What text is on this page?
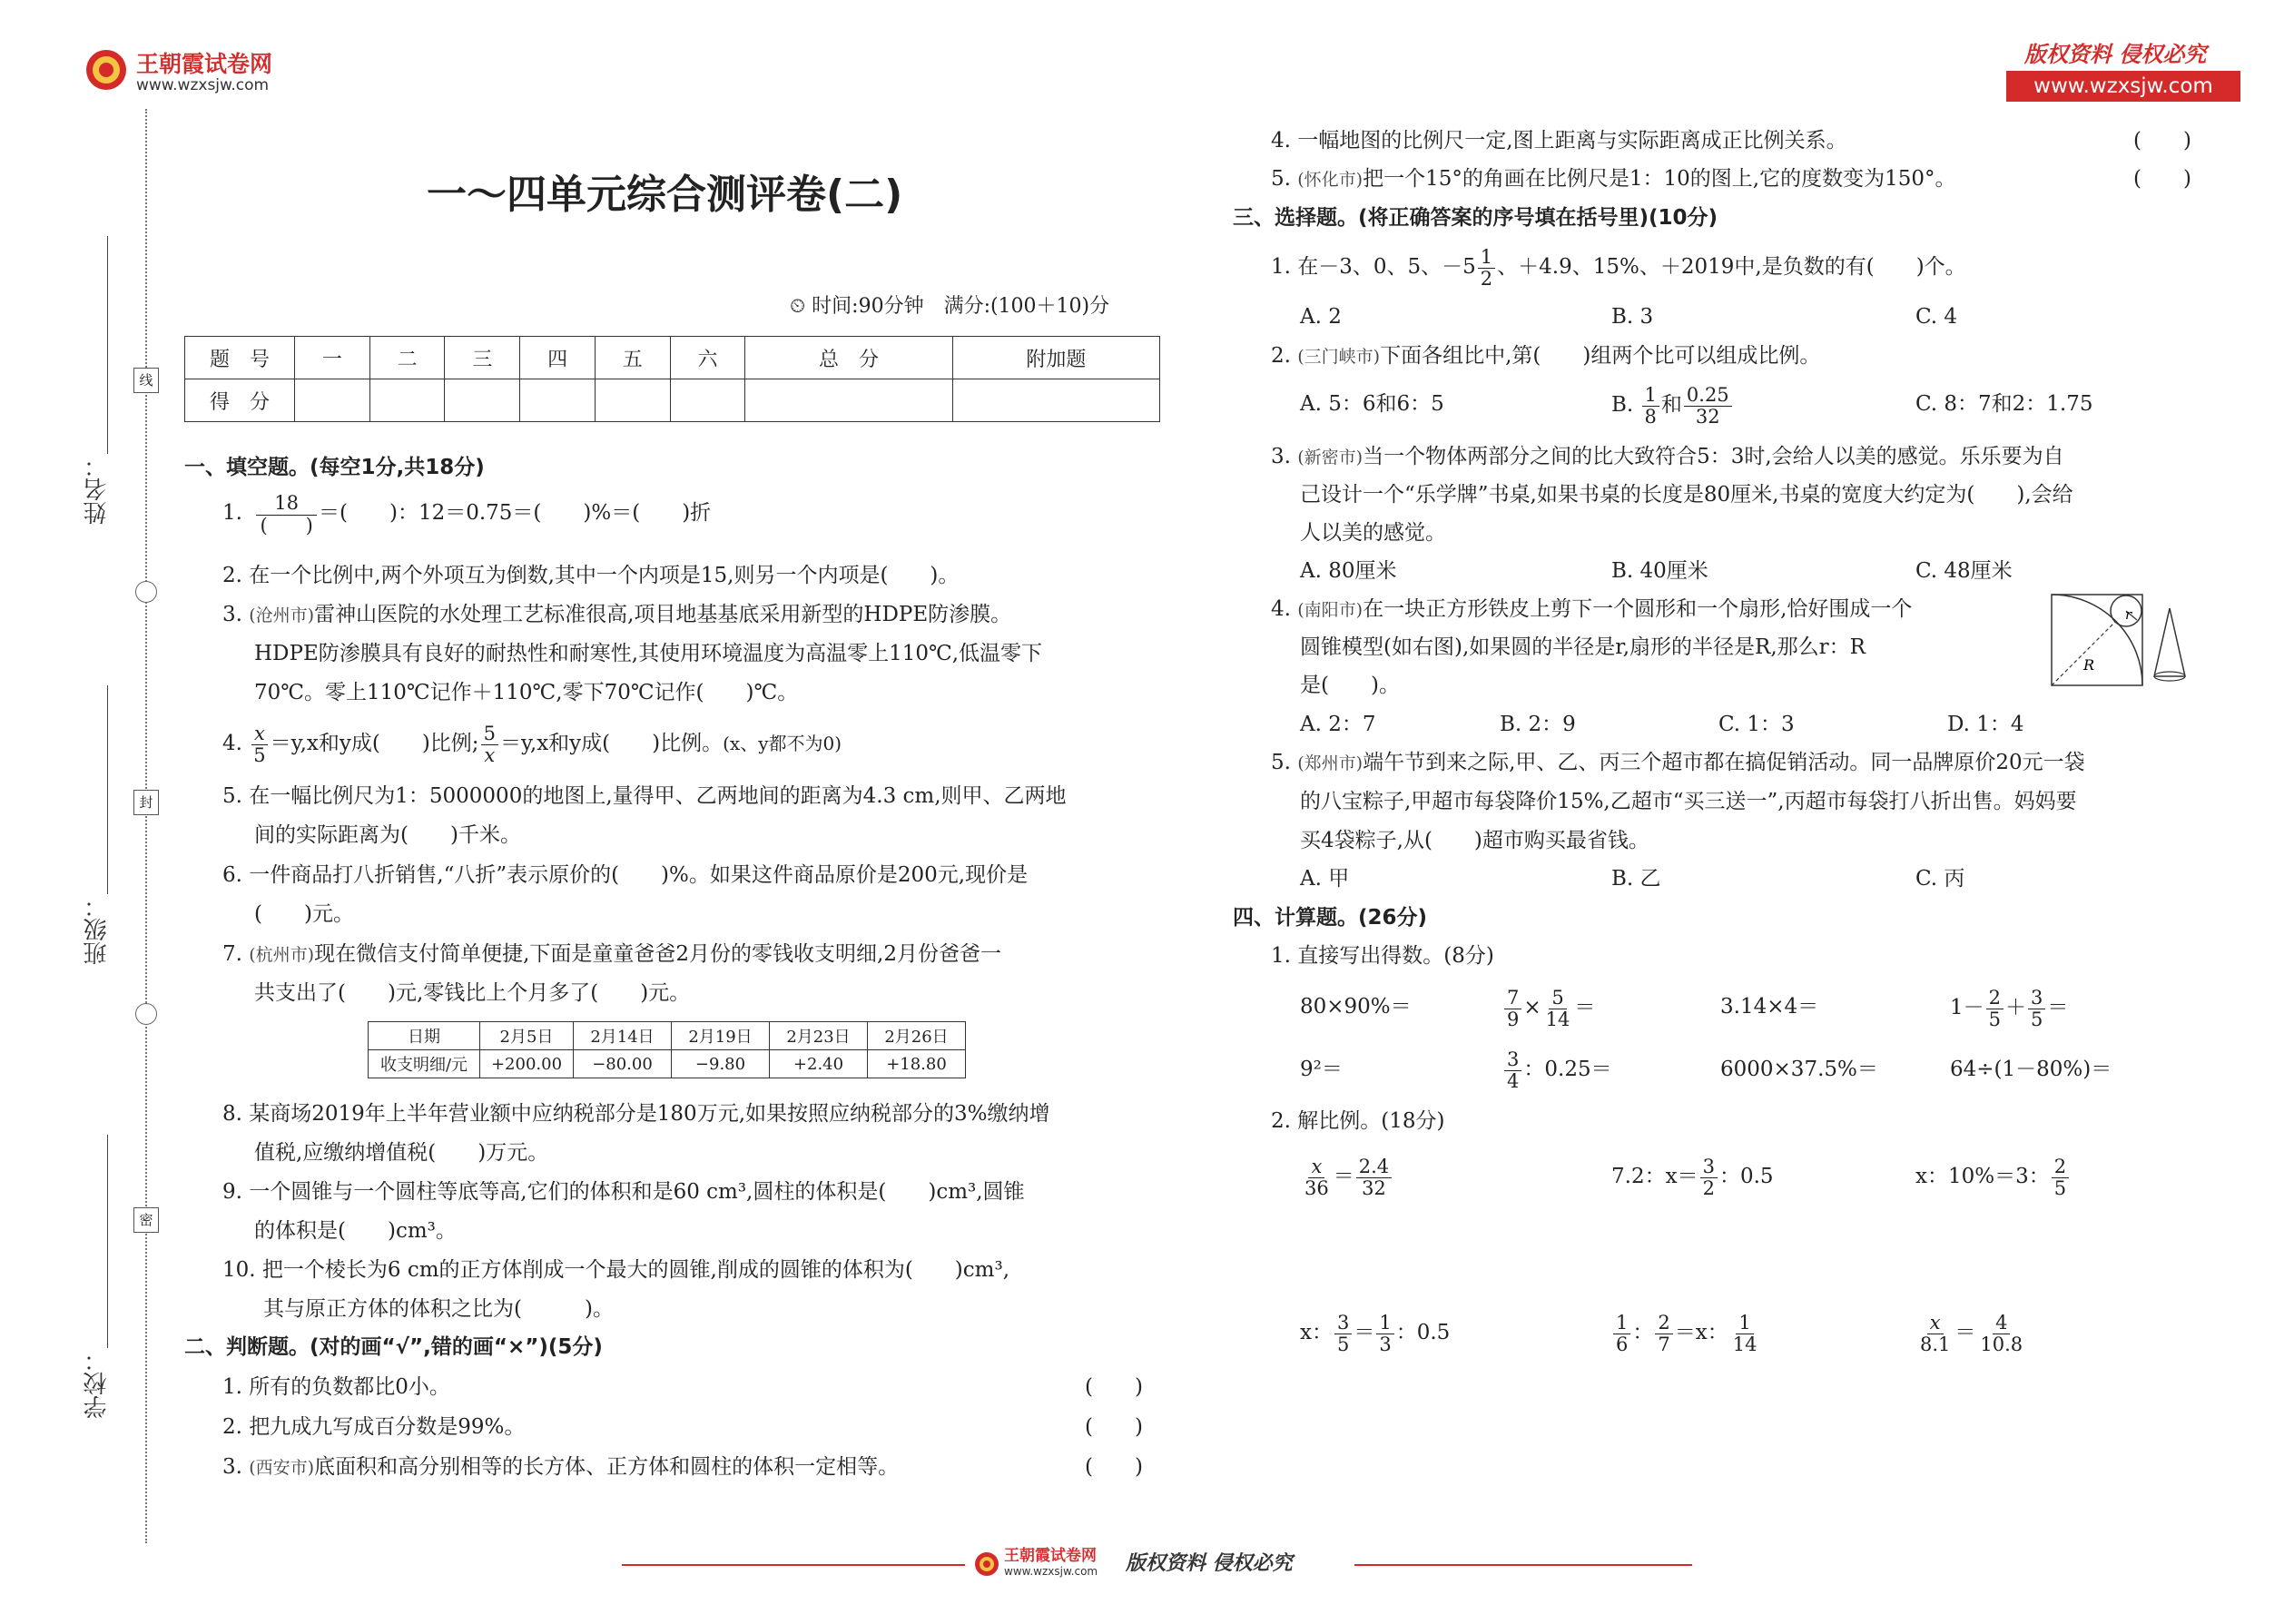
王朝霞试卷网
www.wzxsjw.com
版权资料 侵权必究
www.wzxsjw.com
姓名：
班级：
学校：
线
封
密
一～四单元综合测评卷(二)
⏲ 时间:90分钟　满分:(100＋10)分
题　号	一	二	三	四	五	六	总　分	附加题
得　分								
一、填空题。(每空1分,共18分)
1. $\frac{18}{( )}$ ＝(　　)：12＝0.75＝(　　)%＝(　　)折
2. 在一个比例中,两个外项互为倒数,其中一个内项是15,则另一个内项是(　　)。
3. (沧州市)雷神山医院的水处理工艺标准很高,项目地基基底采用新型的HDPE防渗膜。
HDPE防渗膜具有良好的耐热性和耐寒性,其使用环境温度为高温零上110℃,低温零下
70℃。零上110℃记作＋110℃,零下70℃记作(　　)℃。
4. $\frac{x}{5} =y,x$和y成(　　)比例; $\frac{5}{x} =y,x$和y成(　　)比例。(x、y都不为0)
5. 在一幅比例尺为1：5000000的地图上,量得甲、乙两地间的距离为4.3 cm,则甲、乙两地
间的实际距离为(　　)千米。
6. 一件商品打八折销售,“八折”表示原价的(　　)%。如果这件商品原价是200元,现价是
(　　)元。
7. (杭州市)现在微信支付简单便捷,下面是童童爸爸2月份的零钱收支明细,2月份爸爸一
共支出了(　　)元,零钱比上个月多了(　　)元。
日期	2月5日	2月14日	2月19日	2月23日	2月26日
收支明细/元	+200.00	−80.00	−9.80	+2.40	+18.80
8. 某商场2019年上半年营业额中应纳税部分是180万元,如果按照应纳税部分的3%缴纳增
值税,应缴纳增值税(　　)万元。
9. 一个圆锥与一个圆柱等底等高,它们的体积和是60 cm³,圆柱的体积是(　　)cm³,圆锥
的体积是(　　)cm³。
10. 把一个棱长为6 cm的正方体削成一个最大的圆锥,削成的圆锥的体积为(　　)cm³,
其与原正方体的体积之比为(　　　)。
二、判断题。(对的画“√”,错的画“×”)(5分)
1. 所有的负数都比0小。	(　　)
2. 把九成九写成百分数是99%。	(　　)
3. (西安市)底面积和高分别相等的长方体、正方体和圆柱的体积一定相等。	(　　)
4. 一幅地图的比例尺一定,图上距离与实际距离成正比例关系。	(　　)
5. (怀化市)把一个15°的角画在比例尺是1：10的图上,它的度数变为150°。	(　　)
三、选择题。(将正确答案的序号填在括号里)(10分)
1. 在－3、0、5、$-5 \frac{1}{2}$ 、＋4.9、15%、＋2019中,是负数的有(　　)个。
A. 2	B. 3	C. 4
2. (三门峡市)下面各组比中,第(　　)组两个比可以组成比例。
A. 5：6和6：5	B. $\frac{1}{8}$ 和 $\frac{0.25}{32}$	C. 8：7和2：1.75
3. (新密市)当一个物体两部分之间的比大致符合5：3时,会给人以美的感觉。乐乐要为自
己设计一个“乐学牌”书桌,如果书桌的长度是80厘米,书桌的宽度大约定为(　　),会给
人以美的感觉。
A. 80厘米	B. 40厘米	C. 48厘米
4. (南阳市)在一块正方形铁皮上剪下一个圆形和一个扇形,恰好围成一个
圆锥模型(如右图),如果圆的半径是r,扇形的半径是R,那么r：R
是(　　)。
r
R
A. 2：7	B. 2：9	C. 1：3	D. 1：4
5. (郑州市)端午节到来之际,甲、乙、丙三个超市都在搞促销活动。同一品牌原价20元一袋
的八宝粽子,甲超市每袋降价15%,乙超市“买三送一”,丙超市每袋打八折出售。妈妈要
买4袋粽子,从(　　)超市购买最省钱。
A. 甲	B. 乙	C. 丙
四、计算题。(26分)
1. 直接写出得数。(8分)
80×90%＝	$\frac{7}{9} \times \frac{5}{14}$ ＝	3.14×4＝	$1- \frac{2}{5} + \frac{3}{5}$ ＝
9²＝	$\frac{3}{4}$ ：0.25＝	6000×37.5%＝	64÷(1－80%)＝
2. 解比例。(18分)
$\frac{x}{36} = \frac{2.4}{32}$	7.2：$x= \frac{3}{2}$ ：0.5	x：10%＝3： $\frac{2}{5}$
x： $\frac{3}{5} = \frac{1}{3}$ ：0.5	$\frac{1}{6}$ ： $\frac{2}{7} =x$： $\frac{1}{14}$	$\frac{x}{8.1} = \frac{4}{10.8}$
王朝霞试卷网
www.wzxsjw.com 版权资料 侵权必究
